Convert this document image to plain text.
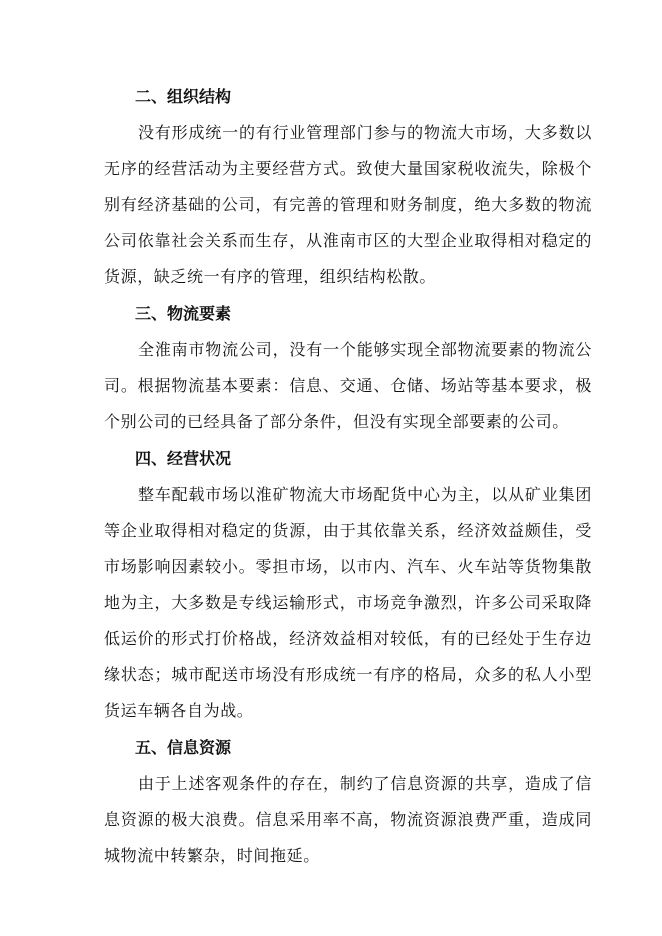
二、组织结构

没有形成统一的有行业管理部门参与的物流大市场，大多数以无序的经营活动为主要经营方式。致使大量国家税收流失，除极个别有经济基础的公司，有完善的管理和财务制度，绝大多数的物流公司依靠社会关系而生存，从淮南市区的大型企业取得相对稳定的货源，缺乏统一有序的管理，组织结构松散。

三、物流要素

全淮南市物流公司，没有一个能够实现全部物流要素的物流公司。根据物流基本要素：信息、交通、仓储、场站等基本要求，极个别公司的已经具备了部分条件，但没有实现全部要素的公司。

四、经营状况

整车配载市场以淮矿物流大市场配货中心为主，以从矿业集团等企业取得相对稳定的货源，由于其依靠关系，经济效益颇佳，受市场影响因素较小。零担市场，以市内、汽车、火车站等货物集散地为主，大多数是专线运输形式，市场竞争激烈，许多公司采取降低运价的形式打价格战，经济效益相对较低，有的已经处于生存边缘状态；城市配送市场没有形成统一有序的格局，众多的私人小型货运车辆各自为战。

五、信息资源

由于上述客观条件的存在，制约了信息资源的共享，造成了信息资源的极大浪费。信息采用率不高，物流资源浪费严重，造成同城物流中转繁杂，时间拖延。
